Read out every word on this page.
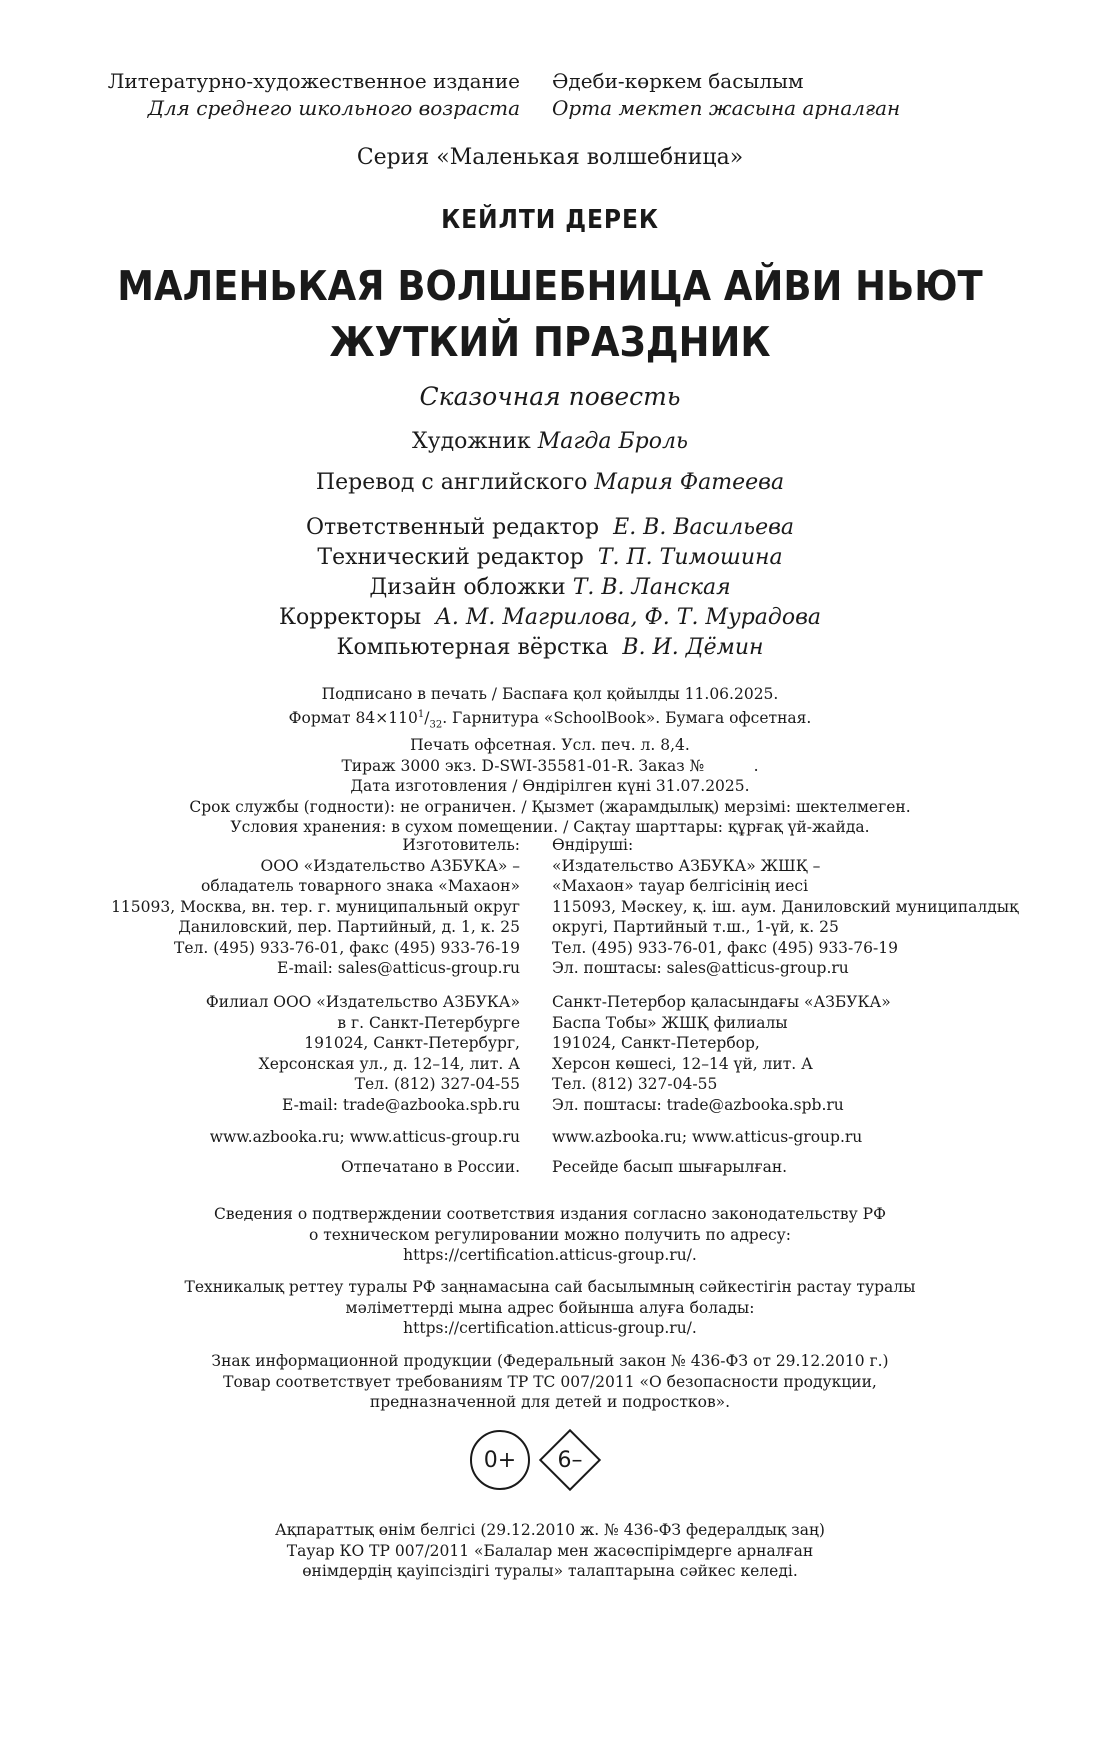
Литературно-художественное издание
Для среднего школьного возраста
Әдеби-көркем басылым
Орта мектеп жасына арналған
Серия «Маленькая волшебница»
КЕЙЛТИ ДЕРЕК
МАЛЕНЬКАЯ ВОЛШЕБНИЦА АЙВИ НЬЮТ
ЖУТКИЙ ПРАЗДНИК
Сказочная повесть
Художник Магда Броль
Перевод с английского Мария Фатеева
Ответственный редактор Е. В. Васильева
Технический редактор Т. П. Тимошина
Дизайн обложки Т. В. Ланская
Корректоры А. М. Магрилова, Ф. Т. Мурадова
Компьютерная вёрстка В. И. Дёмин
Подписано в печать / Баспаға қол қойылды 11.06.2025.
Формат $84\times 110^1/_{32}$. Гарнитура «SchoolBook». Бумага офсетная.
Печать офсетная. Усл. печ. л. 8,4.
Тираж 3000 экз. D-SWI-35581-01-R. Заказ №	.
Дата изготовления / Өндірілген күні 31.07.2025.
Срок службы (годности): не ограничен. / Қызмет (жарамдылық) мерзімі: шектелмеген.
Условия хранения: в сухом помещении. / Сақтау шарттары: құрғақ үй-жайда.
Изготовитель:
ООО «Издательство АЗБУКА» –
обладатель товарного знака «Махаон»
115093, Москва, вн. тер. г. муниципальный округ
Даниловский, пер. Партийный, д. 1, к. 25
Тел. (495) 933-76-01, факс (495) 933-76-19
E-mail: sales@atticus-group.ru
Өндіруші:
«Издательство АЗБУКА» ЖШҚ –
«Махаон» тауар белгісінің иесі
115093, Мәскеу, қ. іш. аум. Даниловский муниципалдық
округі, Партийный т.ш., 1-үй, к. 25
Тел. (495) 933-76-01, факс (495) 933-76-19
Эл. поштасы: sales@atticus-group.ru
Филиал ООО «Издательство АЗБУКА»
в г. Санкт-Петербурге
191024, Санкт-Петербург,
Херсонская ул., д. 12–14, лит. А
Тел. (812) 327-04-55
E-mail: trade@azbooka.spb.ru
Санкт-Петербор қаласындағы «АЗБУКА»
Баспа Тобы» ЖШҚ филиалы
191024, Санкт-Петербор,
Херсон көшесі, 12–14 үй, лит. А
Тел. (812) 327-04-55
Эл. поштасы: trade@azbooka.spb.ru
www.azbooka.ru; www.atticus-group.ru www.azbooka.ru; www.atticus-group.ru
Отпечатано в России. Ресейде басып шығарылған.
Сведения о подтверждении соответствия издания согласно законодательству РФ
о техническом регулировании можно получить по адресу:
https://certification.atticus-group.ru/.
Техникалық реттеу туралы РФ заңнамасына сай басылымның сәйкестігін растау туралы
мәліметтерді мына адрес бойынша алуға болады:
https://certification.atticus-group.ru/.
Знак информационной продукции (Федеральный закон № 436-ФЗ от 29.12.2010 г.)
Товар соответствует требованиям ТР ТС 007/2011 «О безопасности продукции,
предназначенной для детей и подростков».
0+	6–
Ақпараттық өнім белгісі (29.12.2010 ж. № 436-ФЗ федералдық заң)
Тауар КО ТР 007/2011 «Балалар мен жасөспірімдерге арналған
өнімдердің қауіпсіздігі туралы» талаптарына сәйкес келеді.
